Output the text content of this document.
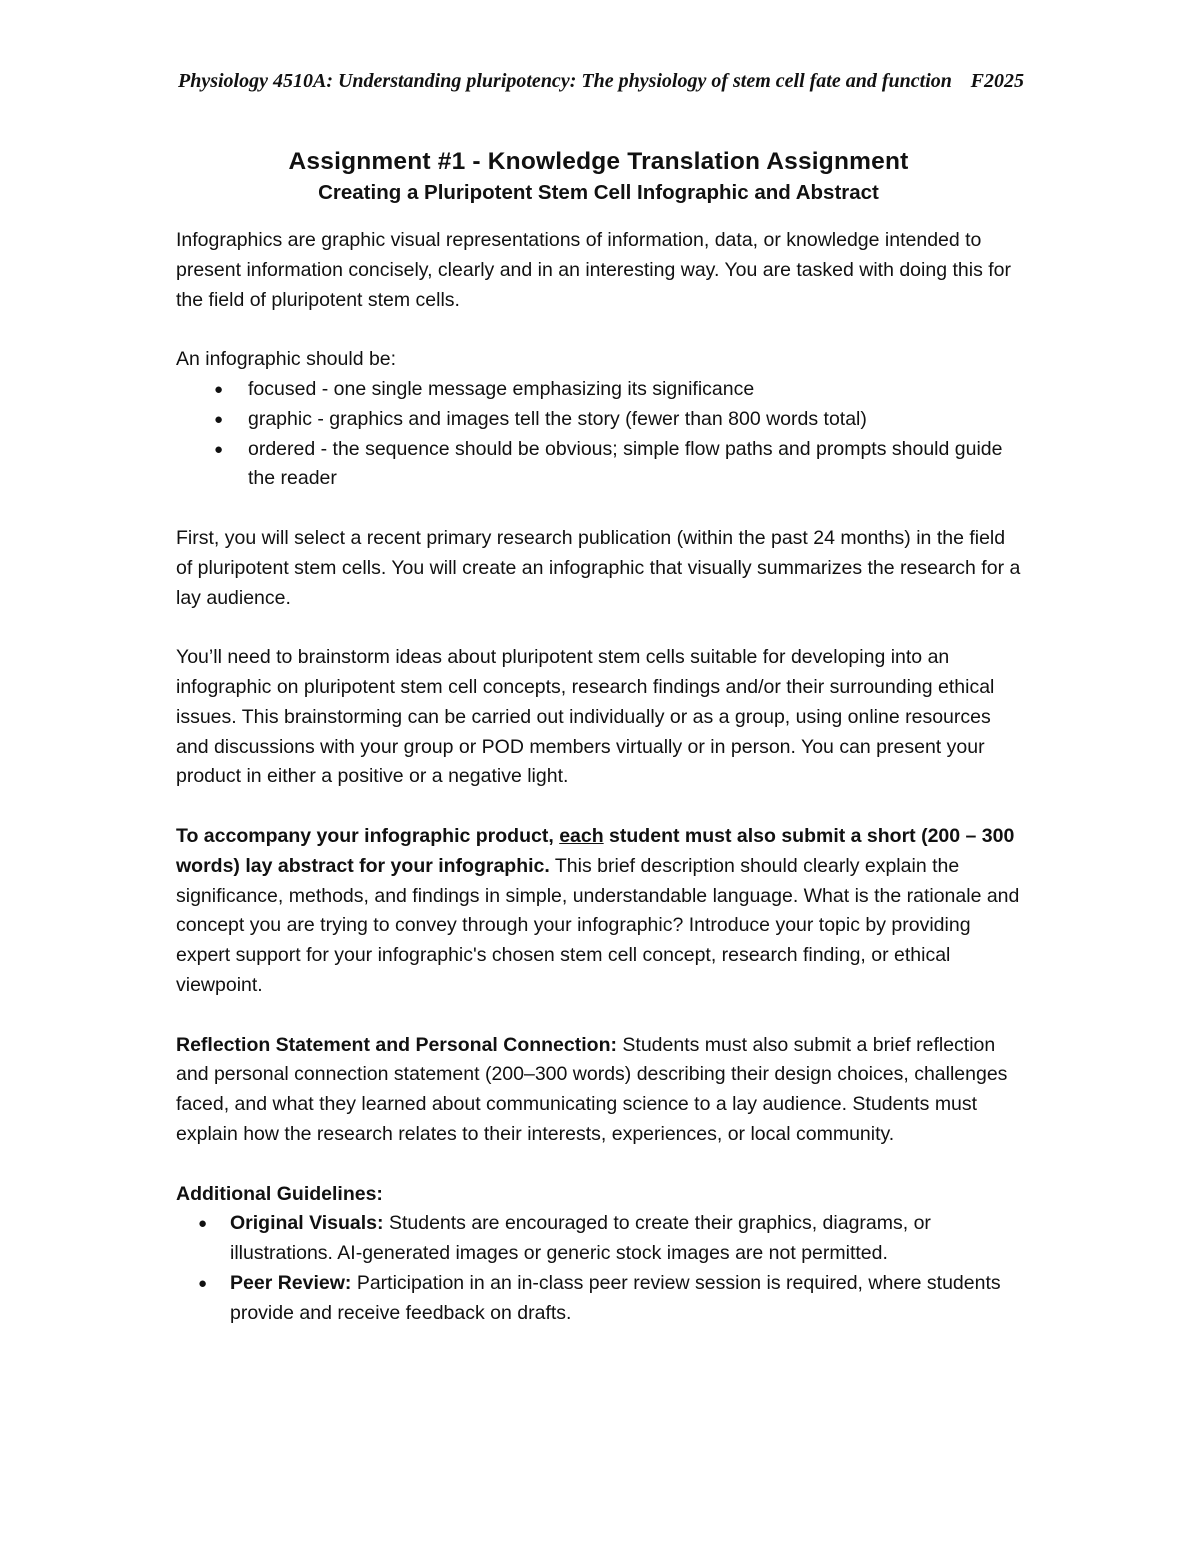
Physiology 4510A: Understanding pluripotency: The physiology of stem cell fate and function F2025
Assignment #1 - Knowledge Translation Assignment
Creating a Pluripotent Stem Cell Infographic and Abstract

Infographics are graphic visual representations of information, data, or knowledge intended to present information concisely, clearly and in an interesting way. You are tasked with doing this for the field of pluripotent stem cells.

An infographic should be:

● focused - one single message emphasizing its significance
● graphic - graphics and images tell the story (fewer than 800 words total)
● ordered - the sequence should be obvious; simple flow paths and prompts should guide the reader

First, you will select a recent primary research publication (within the past 24 months) in the field of pluripotent stem cells. You will create an infographic that visually summarizes the research for a lay audience.

You’ll need to brainstorm ideas about pluripotent stem cells suitable for developing into an infographic on pluripotent stem cell concepts, research findings and/or their surrounding ethical issues. This brainstorming can be carried out individually or as a group, using online resources and discussions with your group or POD members virtually or in person. You can present your product in either a positive or a negative light.

To accompany your infographic product, each student must also submit a short (200 – 300 words) lay abstract for your infographic. This brief description should clearly explain the significance, methods, and findings in simple, understandable language. What is the rationale and concept you are trying to convey through your infographic? Introduce your topic by providing expert support for your infographic's chosen stem cell concept, research finding, or ethical viewpoint.

Reflection Statement and Personal Connection: Students must also submit a brief reflection and personal connection statement (200–300 words) describing their design choices, challenges faced, and what they learned about communicating science to a lay audience. Students must explain how the research relates to their interests, experiences, or local community.

Additional Guidelines:

● Original Visuals: Students are encouraged to create their graphics, diagrams, or illustrations. AI-generated images or generic stock images are not permitted.
● Peer Review: Participation in an in-class peer review session is required, where students provide and receive feedback on drafts.
